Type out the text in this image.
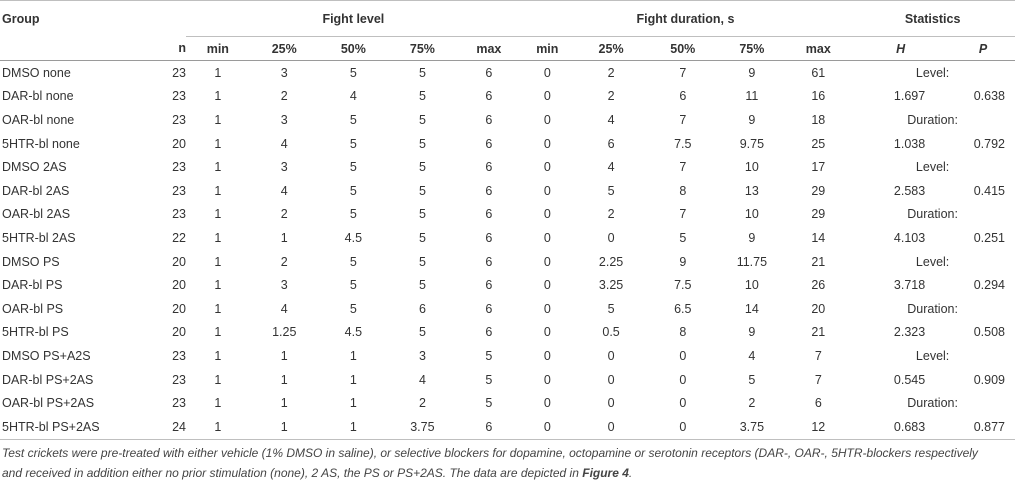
Group		Fight level					Fight duration, s					Statistics	
	n	min	25%	50%	75%	max	min	25%	50%	75%	max	H	P
DMSO none	23	1	3	5	5	6	0	2	7	9	61	Level:	
DAR-bl none	23	1	2	4	5	6	0	2	6	11	16	1.697	0.638
OAR-bl none	23	1	3	5	5	6	0	4	7	9	18	Duration:	
5HTR-bl none	20	1	4	5	5	6	0	6	7.5	9.75	25	1.038	0.792
DMSO 2AS	23	1	3	5	5	6	0	4	7	10	17	Level:	
DAR-bl 2AS	23	1	4	5	5	6	0	5	8	13	29	2.583	0.415
OAR-bl 2AS	23	1	2	5	5	6	0	2	7	10	29	Duration:	
5HTR-bl 2AS	22	1	1	4.5	5	6	0	0	5	9	14	4.103	0.251
DMSO PS	20	1	2	5	5	6	0	2.25	9	11.75	21	Level:	
DAR-bl PS	20	1	3	5	5	6	0	3.25	7.5	10	26	3.718	0.294
OAR-bl PS	20	1	4	5	6	6	0	5	6.5	14	20	Duration:	
5HTR-bl PS	20	1	1.25	4.5	5	6	0	0.5	8	9	21	2.323	0.508
DMSO PS+A2S	23	1	1	1	3	5	0	0	0	4	7	Level:	
DAR-bl PS+2AS	23	1	1	1	4	5	0	0	0	5	7	0.545	0.909
OAR-bl PS+2AS	23	1	1	1	2	5	0	0	0	2	6	Duration:	
5HTR-bl PS+2AS	24	1	1	1	3.75	6	0	0	0	3.75	12	0.683	0.877
Test crickets were pre-treated with either vehicle (1% DMSO in saline), or selective blockers for dopamine, octopamine or serotonin receptors (DAR-, OAR-, 5HTR-blockers respectively
and received in addition either no prior stimulation (none), 2 AS, the PS or PS+2AS. The data are depicted in Figure 4.
